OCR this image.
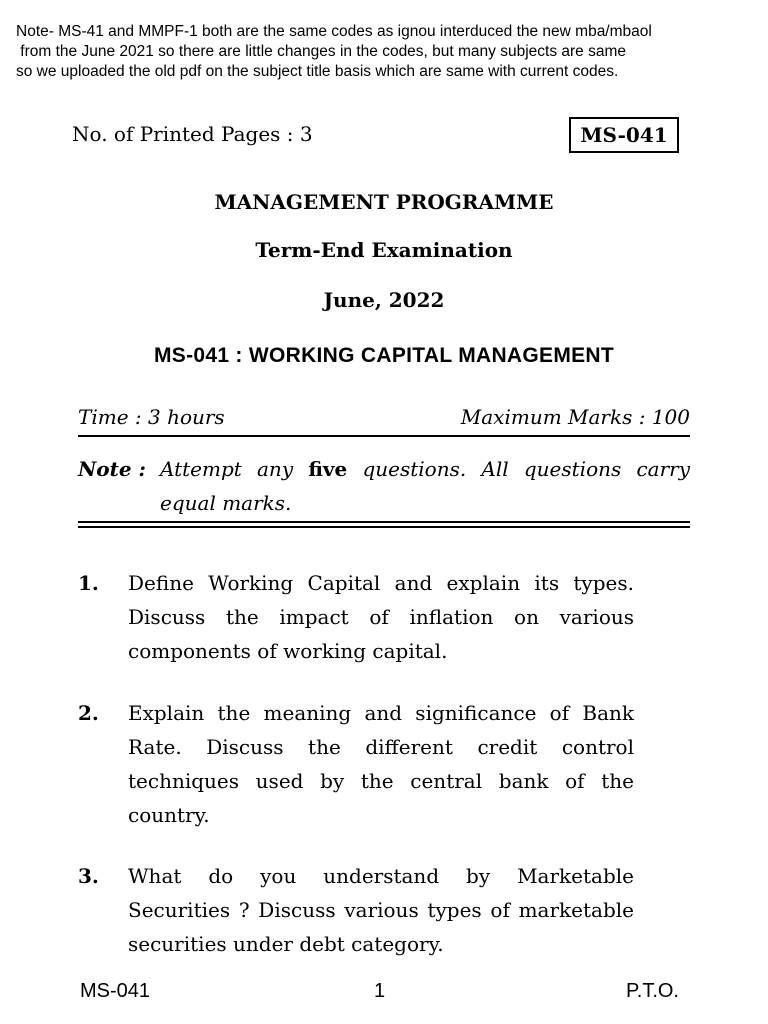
Note- MS-41 and MMPF-1 both are the same codes as ignou interduced the new mba/mbaol
from the June 2021 so there are little changes in the codes, but many subjects are same
so we uploaded the old pdf on the subject title basis which are same with current codes.
No. of Printed Pages : 3	MS-041
MANAGEMENT PROGRAMME
Term-End Examination
June, 2022
MS-041 : WORKING CAPITAL MANAGEMENT
Time : 3 hours	Maximum Marks : 100
Note : Attempt any five questions. All questions carry
equal marks.
1. Define Working Capital and explain its types.
Discuss the impact of inflation on various
components of working capital.
2. Explain the meaning and significance of Bank
Rate. Discuss the different credit control
techniques used by the central bank of the
country.
3. What do you understand by Marketable
Securities ? Discuss various types of marketable
securities under debt category.
MS-041	1	P.T.O.
